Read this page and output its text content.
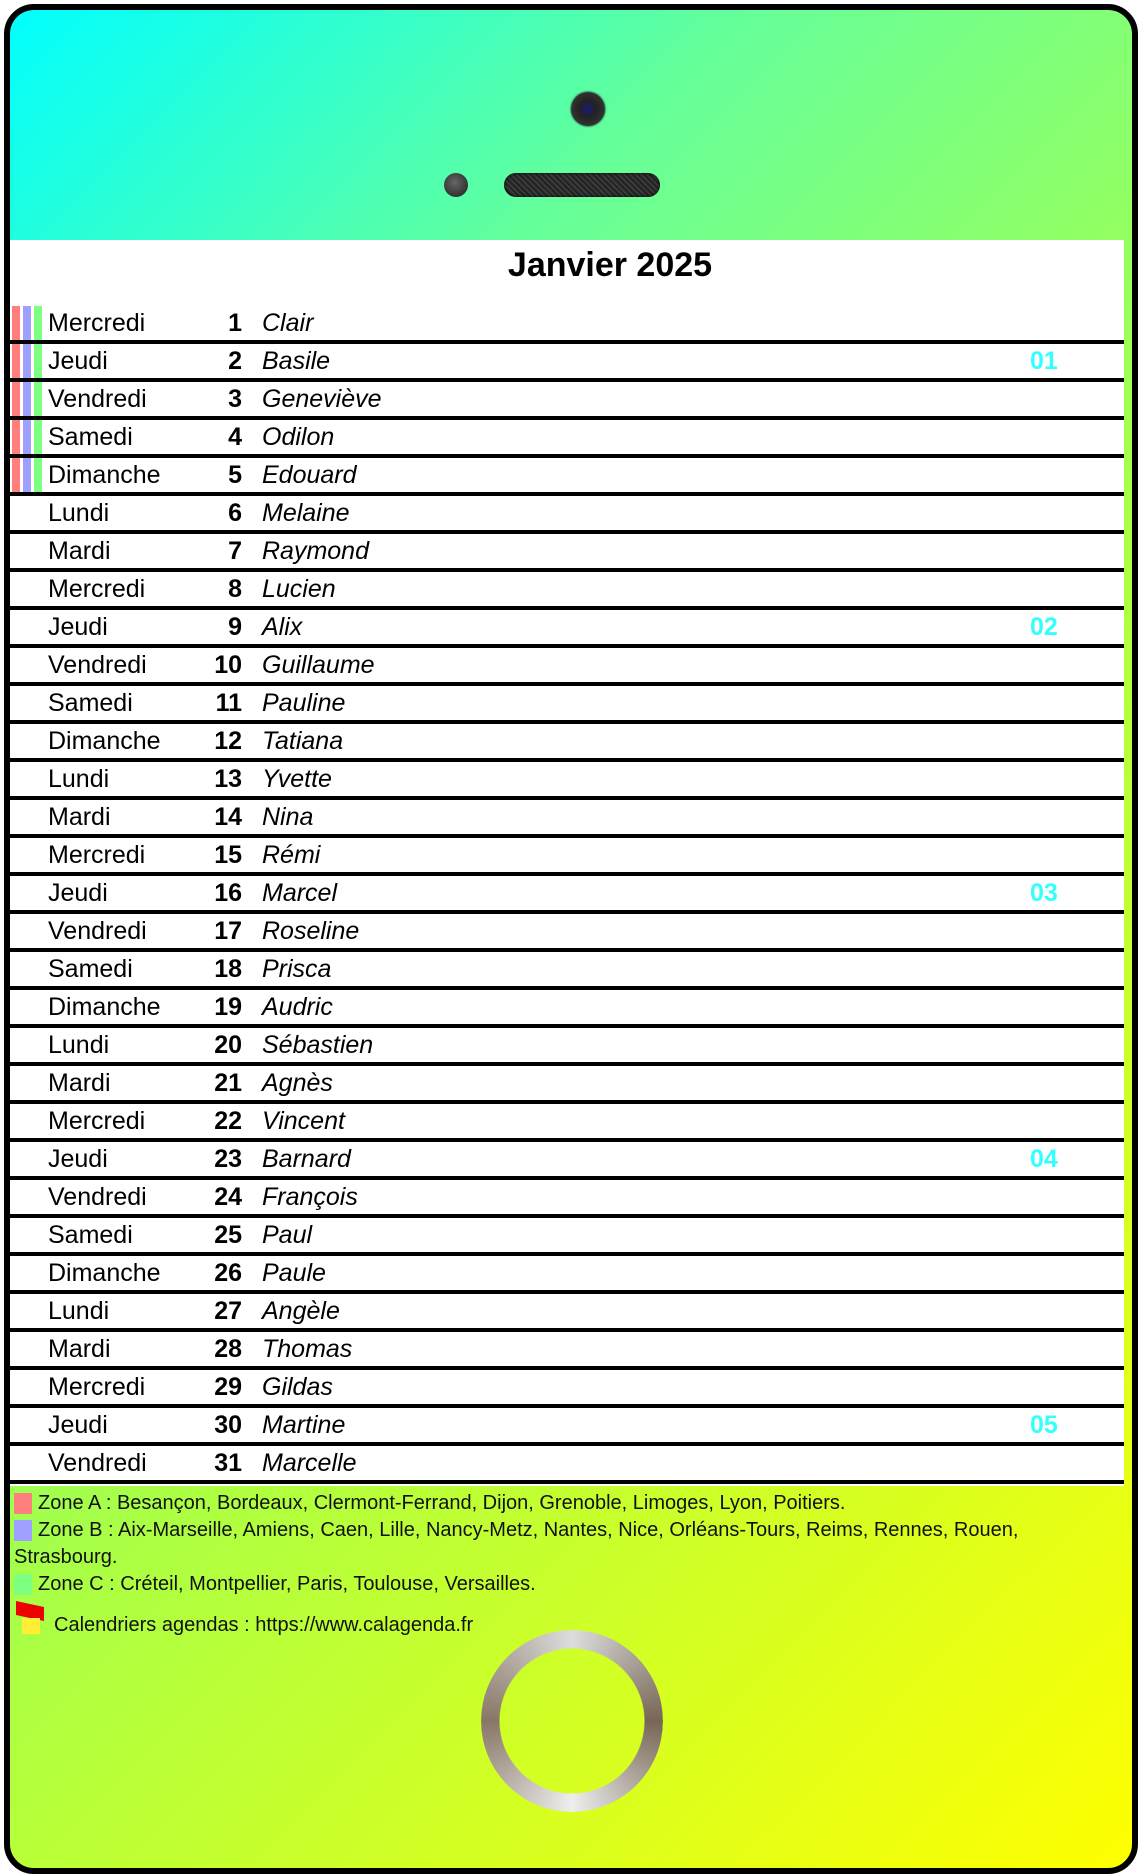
Janvier 2025
Mercredi	1 Clair
Jeudi	2 Basile	01
Vendredi	3 Geneviève
Samedi	4 Odilon
Dimanche	5 Edouard
Lundi	6 Melaine
Mardi	7 Raymond
Mercredi	8 Lucien
Jeudi	9 Alix	02
Vendredi	10 Guillaume
Samedi	11 Pauline
Dimanche	12 Tatiana
Lundi	13 Yvette
Mardi	14 Nina
Mercredi	15 Rémi
Jeudi	16 Marcel	03
Vendredi	17 Roseline
Samedi	18 Prisca
Dimanche	19 Audric
Lundi	20 Sébastien
Mardi	21 Agnès
Mercredi	22 Vincent
Jeudi	23 Barnard	04
Vendredi	24 François
Samedi	25 Paul
Dimanche	26 Paule
Lundi	27 Angèle
Mardi	28 Thomas
Mercredi	29 Gildas
Jeudi	30 Martine	05
Vendredi	31 Marcelle
Zone A : Besançon, Bordeaux, Clermont-Ferrand, Dijon, Grenoble, Limoges, Lyon, Poitiers.
Zone B : Aix-Marseille, Amiens, Caen, Lille, Nancy-Metz, Nantes, Nice, Orléans-Tours, Reims, Rennes, Rouen, Strasbourg.
Zone C : Créteil, Montpellier, Paris, Toulouse, Versailles.
Calendriers agendas : https://www.calagenda.fr
